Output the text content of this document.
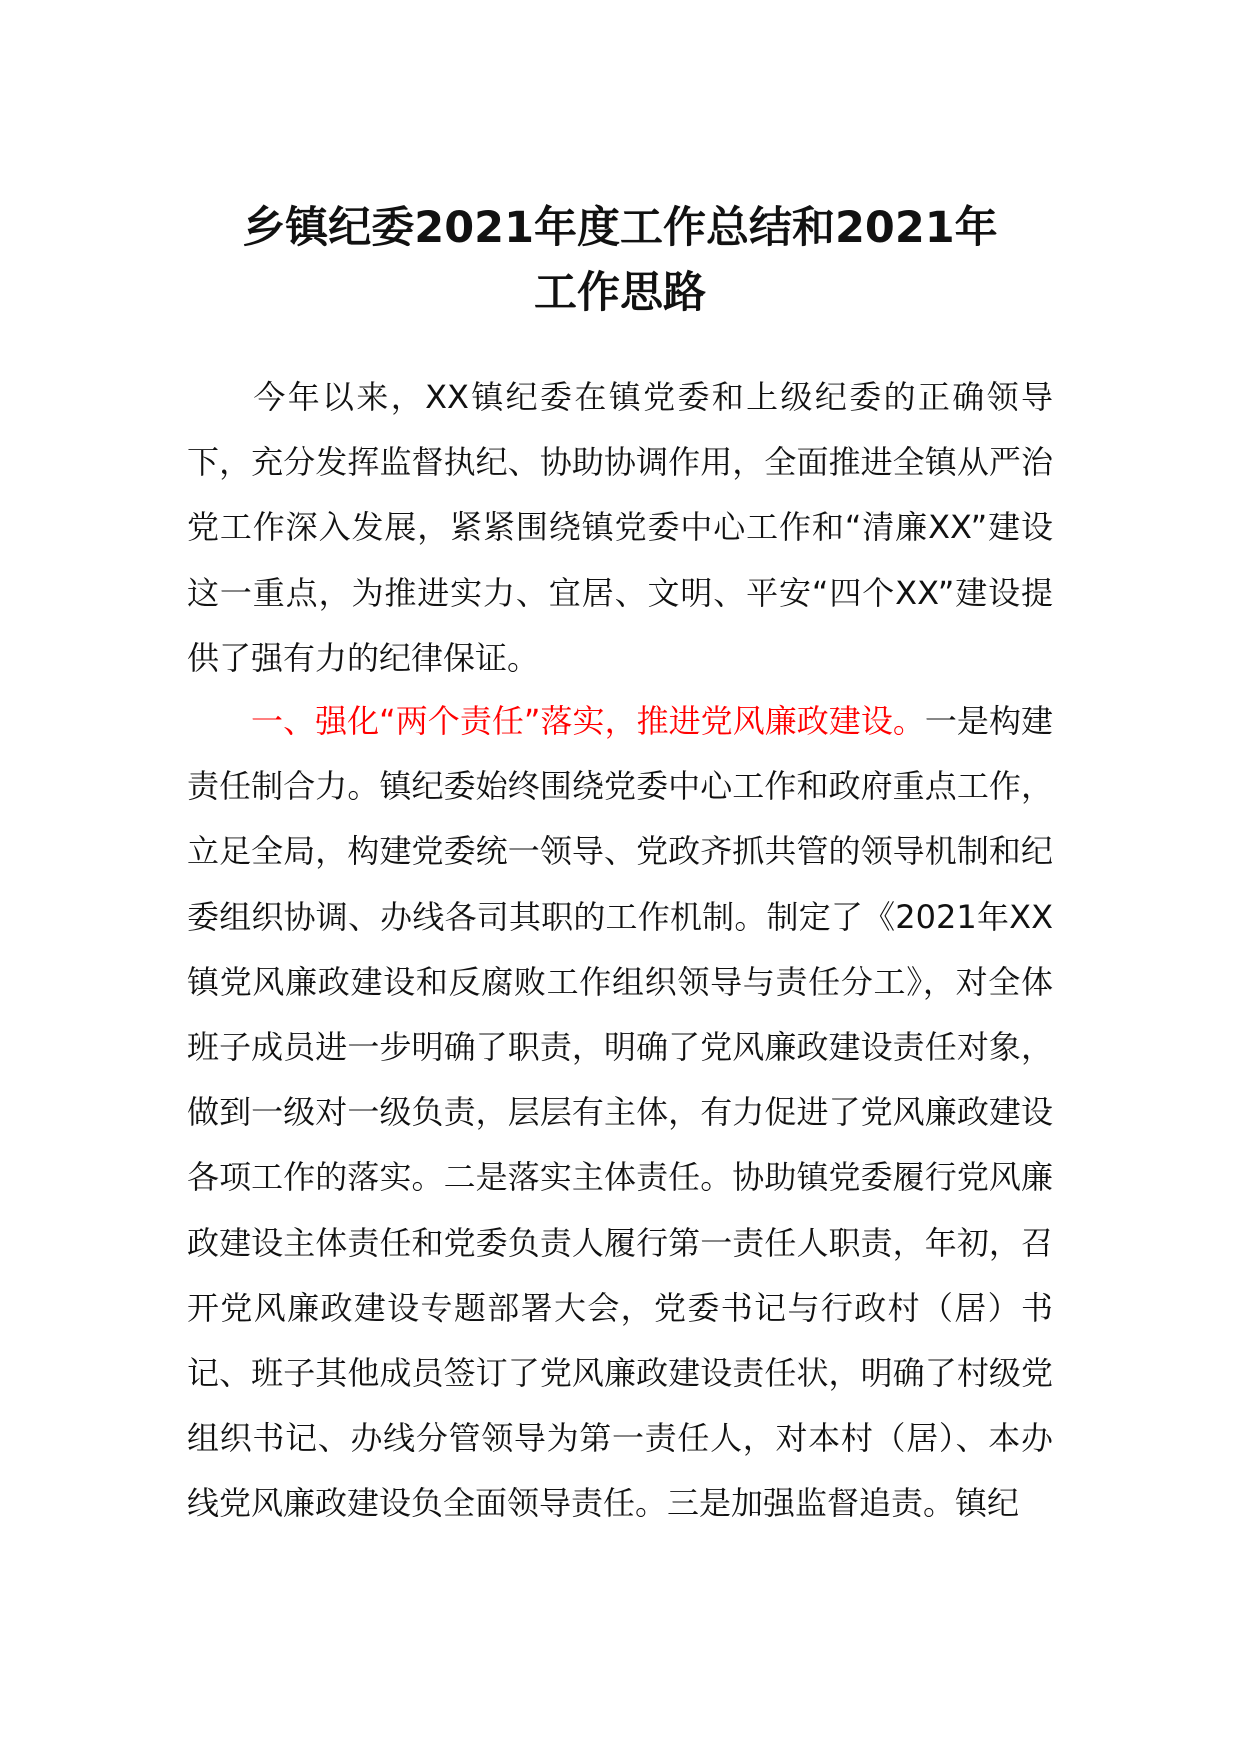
乡镇纪委2021年度工作总结和2021年
工作思路
今年以来，XX镇纪委在镇党委和上级纪委的正确领导下，充分发挥监督执纪、协助协调作用，全面推进全镇从严治党工作深入发展，紧紧围绕镇党委中心工作和“清廉XX”建设这一重点，为推进实力、宜居、文明、平安“四个XX”建设提供了强有力的纪律保证。
一、强化“两个责任”落实，推进党风廉政建设。一是构建责任制合力。镇纪委始终围绕党委中心工作和政府重点工作，立足全局，构建党委统一领导、党政齐抓共管的领导机制和纪委组织协调、办线各司其职的工作机制。制定了《2021年XX镇党风廉政建设和反腐败工作组织领导与责任分工》，对全体班子成员进一步明确了职责，明确了党风廉政建设责任对象，做到一级对一级负责，层层有主体，有力促进了党风廉政建设各项工作的落实。二是落实主体责任。协助镇党委履行党风廉政建设主体责任和党委负责人履行第一责任人职责，年初，召开党风廉政建设专题部署大会，党委书记与行政村（居）书记、班子其他成员签订了党风廉政建设责任状，明确了村级党组织书记、办线分管领导为第一责任人，对本村（居）、本办线党风廉政建设负全面领导责任。三是加强监督追责。镇纪
